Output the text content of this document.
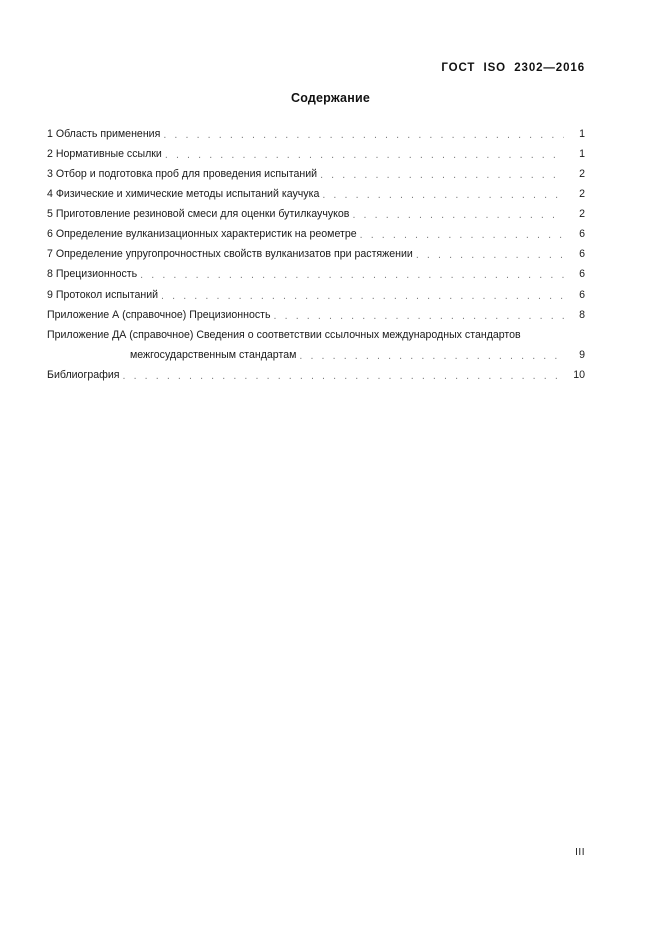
ГОСТ  ISO  2302—2016
Содержание
1 Область применения . . .	1
2 Нормативные ссылки . . .	1
3 Отбор и подготовка проб для проведения испытаний . . .	2
4 Физические и химические методы испытаний каучука . . .	2
5 Приготовление резиновой смеси для оценки бутилкаучуков . . .	2
6 Определение вулканизационных характеристик на реометре . . .	6
7 Определение упругопрочностных свойств вулканизатов при растяжении . . .	6
8 Прецизионность . . .	6
9 Протокол испытаний . . .	6
Приложение А (справочное) Прецизионность . . .	8
Приложение ДА (справочное) Сведения о соответствии ссылочных международных стандартов
межгосударственным стандартам . . .	9
Библиография . . .	10
III
